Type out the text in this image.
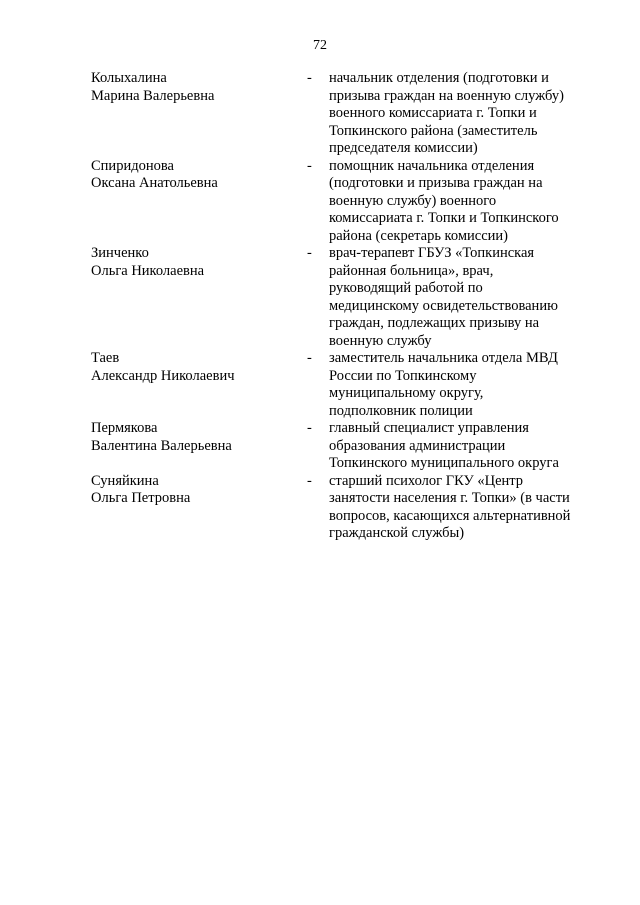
72
Колыхалина
Марина Валерьевна
- начальник отделения (подготовки и
призыва граждан на военную службу)
военного комиссариата г. Топки и
Топкинского района (заместитель
председателя комиссии)
Спиридонова
Оксана Анатольевна
- помощник начальника отделения
(подготовки и призыва граждан на
военную службу) военного
комиссариата г. Топки и Топкинского
района (секретарь комиссии)
Зинченко
Ольга Николаевна
- врач-терапевт ГБУЗ «Топкинская
районная больница», врач,
руководящий работой по
медицинскому освидетельствованию
граждан, подлежащих призыву на
военную службу
Таев
Александр Николаевич
- заместитель начальника отдела МВД
России по Топкинскому
муниципальному округу,
подполковник полиции
Пермякова
Валентина Валерьевна
- главный специалист управления
образования администрации
Топкинского муниципального округа
Суняйкина
Ольга Петровна
- старший психолог ГКУ «Центр
занятости населения г. Топки» (в части
вопросов, касающихся альтернативной
гражданской службы)
